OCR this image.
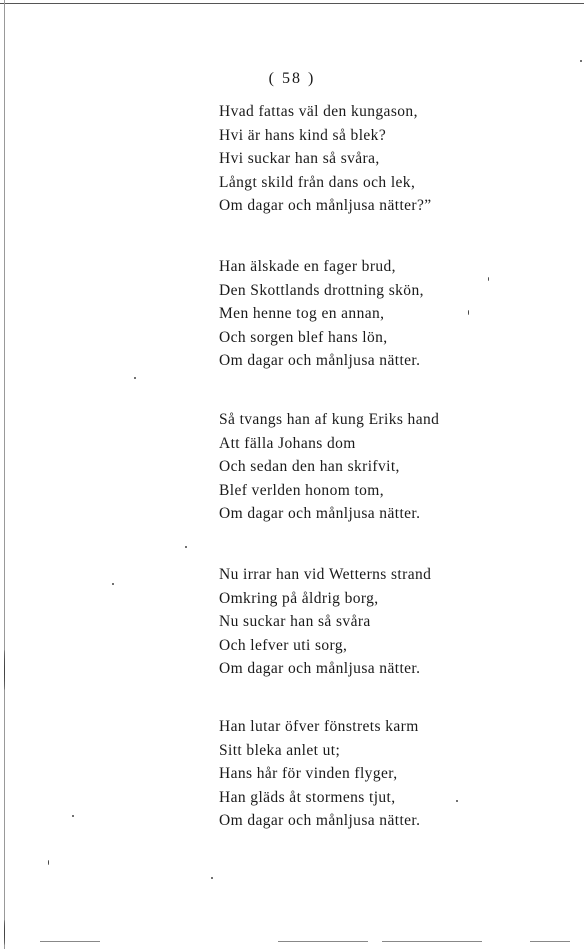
( 58 )
Hvad fattas väl den kungason,
Hvi är hans kind så blek?
Hvi suckar han så svåra,
Långt skild från dans och lek,
Om dagar och månljusa nätter?”
Han älskade en fager brud,
Den Skottlands drottning skön,
Men henne tog en annan,
Och sorgen blef hans lön,
Om dagar och månljusa nätter.
Så tvangs han af kung Eriks hand
Att fälla Johans dom
Och sedan den han skrifvit,
Blef verlden honom tom,
Om dagar och månljusa nätter.
Nu irrar han vid Wetterns strand
Omkring på åldrig borg,
Nu suckar han så svåra
Och lefver uti sorg,
Om dagar och månljusa nätter.
Han lutar öfver fönstrets karm
Sitt bleka anlet ut;
Hans hår för vinden flyger,
Han gläds åt stormens tjut,
Om dagar och månljusa nätter.
